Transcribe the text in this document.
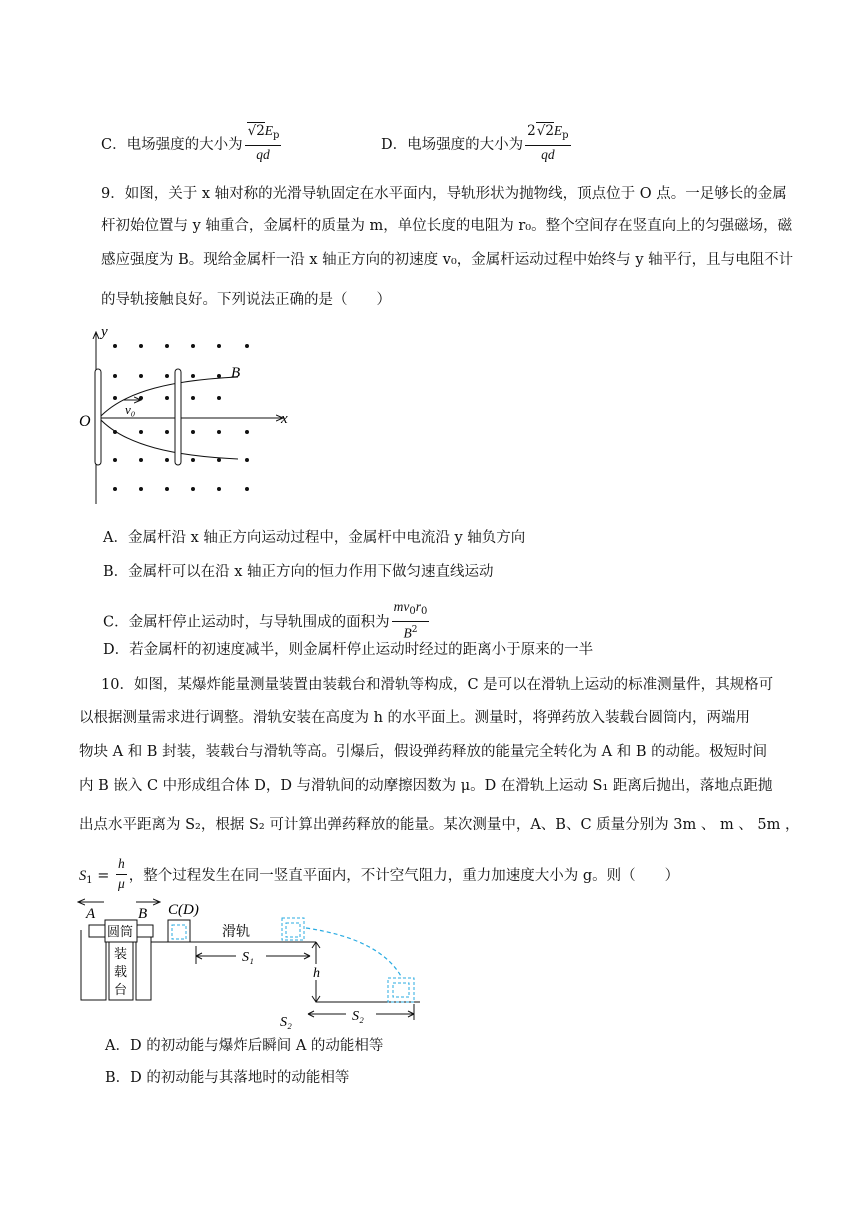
C．电场强度的大小为 $\frac{√2E_p}{qd}$	D．电场强度的大小为 $\frac{2√2E_p}{qd}$
9．如图，关于 x 轴对称的光滑导轨固定在水平面内，导轨形状为抛物线，顶点位于 O 点。一足够长的金属
杆初始位置与 y 轴重合，金属杆的质量为 m，单位长度的电阻为 r₀。整个空间存在竖直向上的匀强磁场，磁
感应强度为 B。现给金属杆一沿 x 轴正方向的初速度 v₀，金属杆运动过程中始终与 y 轴平行，且与电阻不计
的导轨接触良好。下列说法正确的是（　　）
y
x
O
B
v₀
A．金属杆沿 x 轴正方向运动过程中，金属杆中电流沿 y 轴负方向
B．金属杆可以在沿 x 轴正方向的恒力作用下做匀速直线运动
C．金属杆停止运动时，与导轨围成的面积为 $\frac{mv_0r_0}{B^2}$
D．若金属杆的初速度减半，则金属杆停止运动时经过的距离小于原来的一半
10．如图，某爆炸能量测量装置由装载台和滑轨等构成，C 是可以在滑轨上运动的标准测量件，其规格可
以根据测量需求进行调整。滑轨安装在高度为 h 的水平面上。测量时，将弹药放入装载台圆筒内，两端用
物块 A 和 B 封装，装载台与滑轨等高。引爆后，假设弹药释放的能量完全转化为 A 和 B 的动能。极短时间
内 B 嵌入 C 中形成组合体 D，D 与滑轨间的动摩擦因数为 μ。D 在滑轨上运动 S₁ 距离后抛出，落地点距抛
出点水平距离为 S₂，根据 S₂ 可计算出弹药释放的能量。某次测量中，A、B、C 质量分别为 3m 、 m 、 5m ，
$S_1 = \frac{h}{\mu}$ ，整个过程发生在同一竖直平面内，不计空气阻力，重力加速度大小为 g。则（　　）
A	B C(D)
装载台
圆筒	滑轨
S₁
h
S₂
S₂
A．D 的初动能与爆炸后瞬间 A 的动能相等
B．D 的初动能与其落地时的动能相等
